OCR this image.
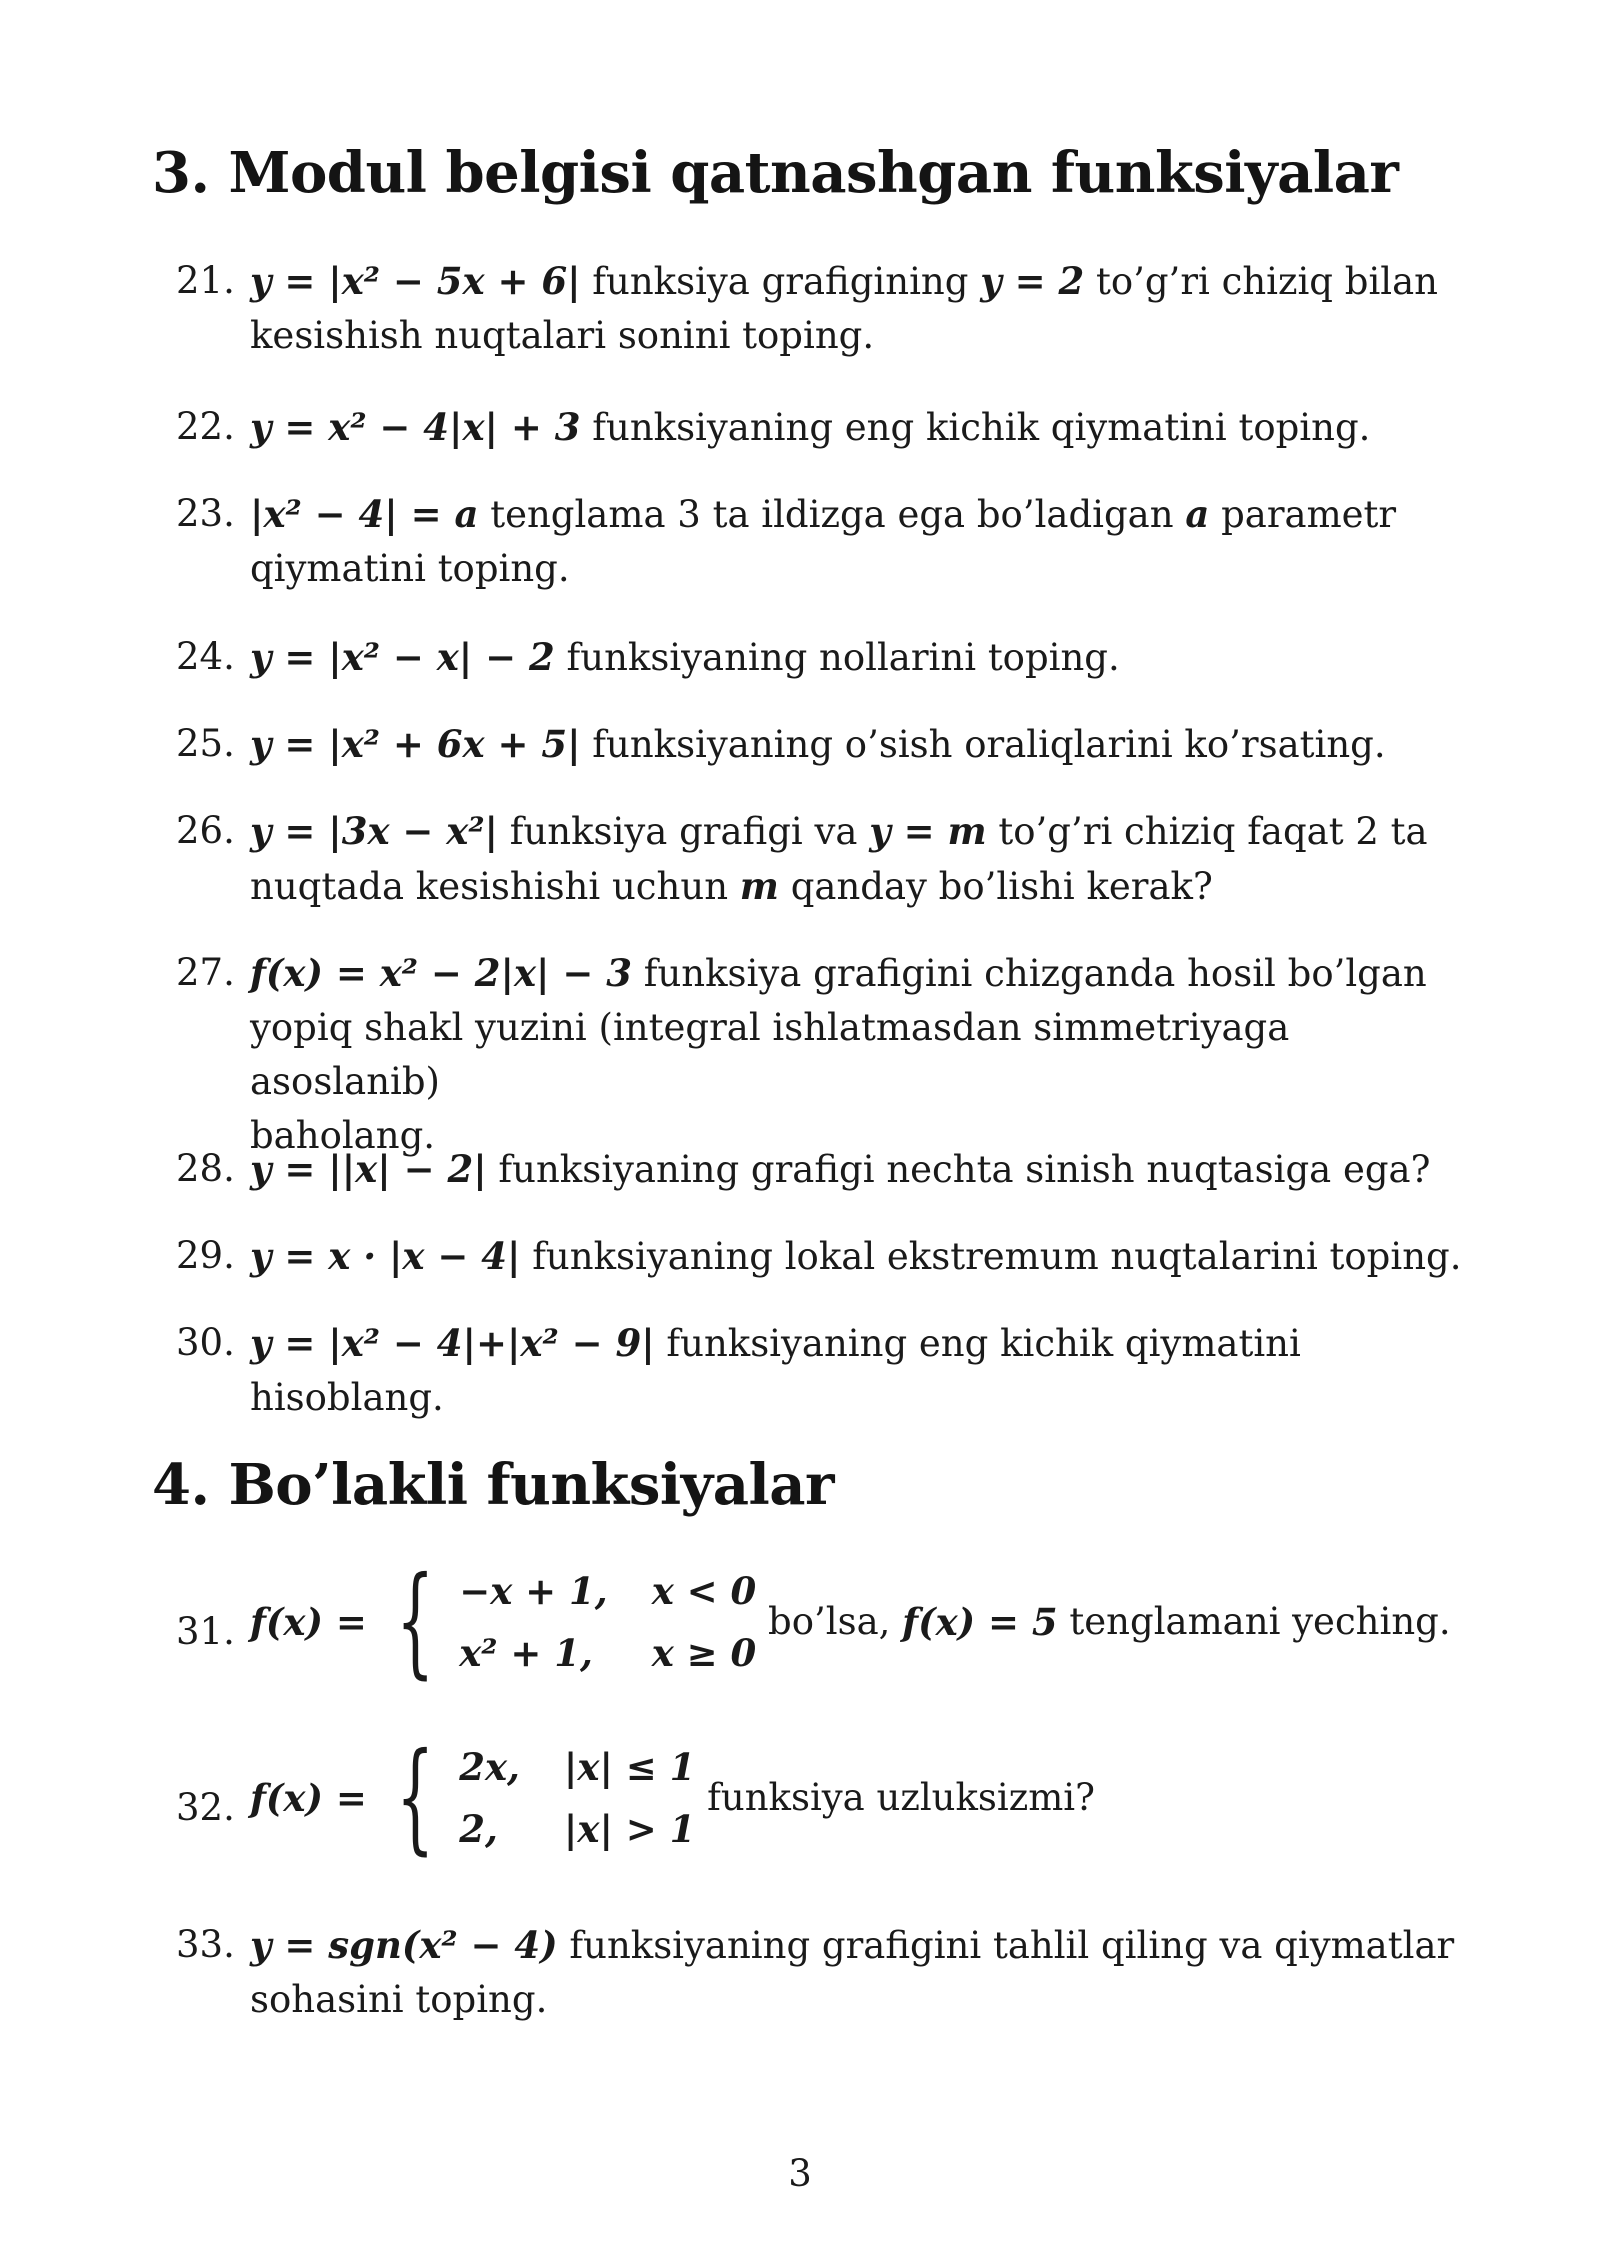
3. Modul belgisi qatnashgan funksiyalar
21. y = |x² − 5x + 6| funksiya grafigining y = 2 to’g’ri chiziq bilan
kesishish nuqtalari sonini toping.
22. y = x² − 4|x| + 3 funksiyaning eng kichik qiymatini toping.
23. |x² − 4| = a tenglama 3 ta ildizga ega bo’ladigan a parametr
qiymatini toping.
24. y = |x² − x| − 2 funksiyaning nollarini toping.
25. y = |x² + 6x + 5| funksiyaning o’sish oraliqlarini ko’rsating.
26. y = |3x − x²| funksiya grafigi va y = m to’g’ri chiziq faqat 2 ta
nuqtada kesishishi uchun m qanday bo’lishi kerak?
27. f(x) = x² − 2|x| − 3 funksiya grafigini chizganda hosil bo’lgan
yopiq shakl yuzini (integral ishlatmasdan simmetriyaga asoslanib)
baholang.
28. y = ||x| − 2| funksiyaning grafigi nechta sinish nuqtasiga ega?
29. y = x · |x − 4| funksiyaning lokal ekstremum nuqtalarini toping.
30. y = |x² − 4|+|x² − 9| funksiyaning eng kichik qiymatini hisoblang.
4. Bo’lakli funksiyalar
31. f(x) = { −x + 1, x < 0
x² + 1,	x ≥ 0
bo’lsa, f(x) = 5 tenglamani yeching.
32. f(x) = { 2x, |x| ≤ 1
2,	|x| > 1
funksiya uzluksizmi?
33. y = sgn(x² − 4) funksiyaning grafigini tahlil qiling va qiymatlar
sohasini toping.
3
